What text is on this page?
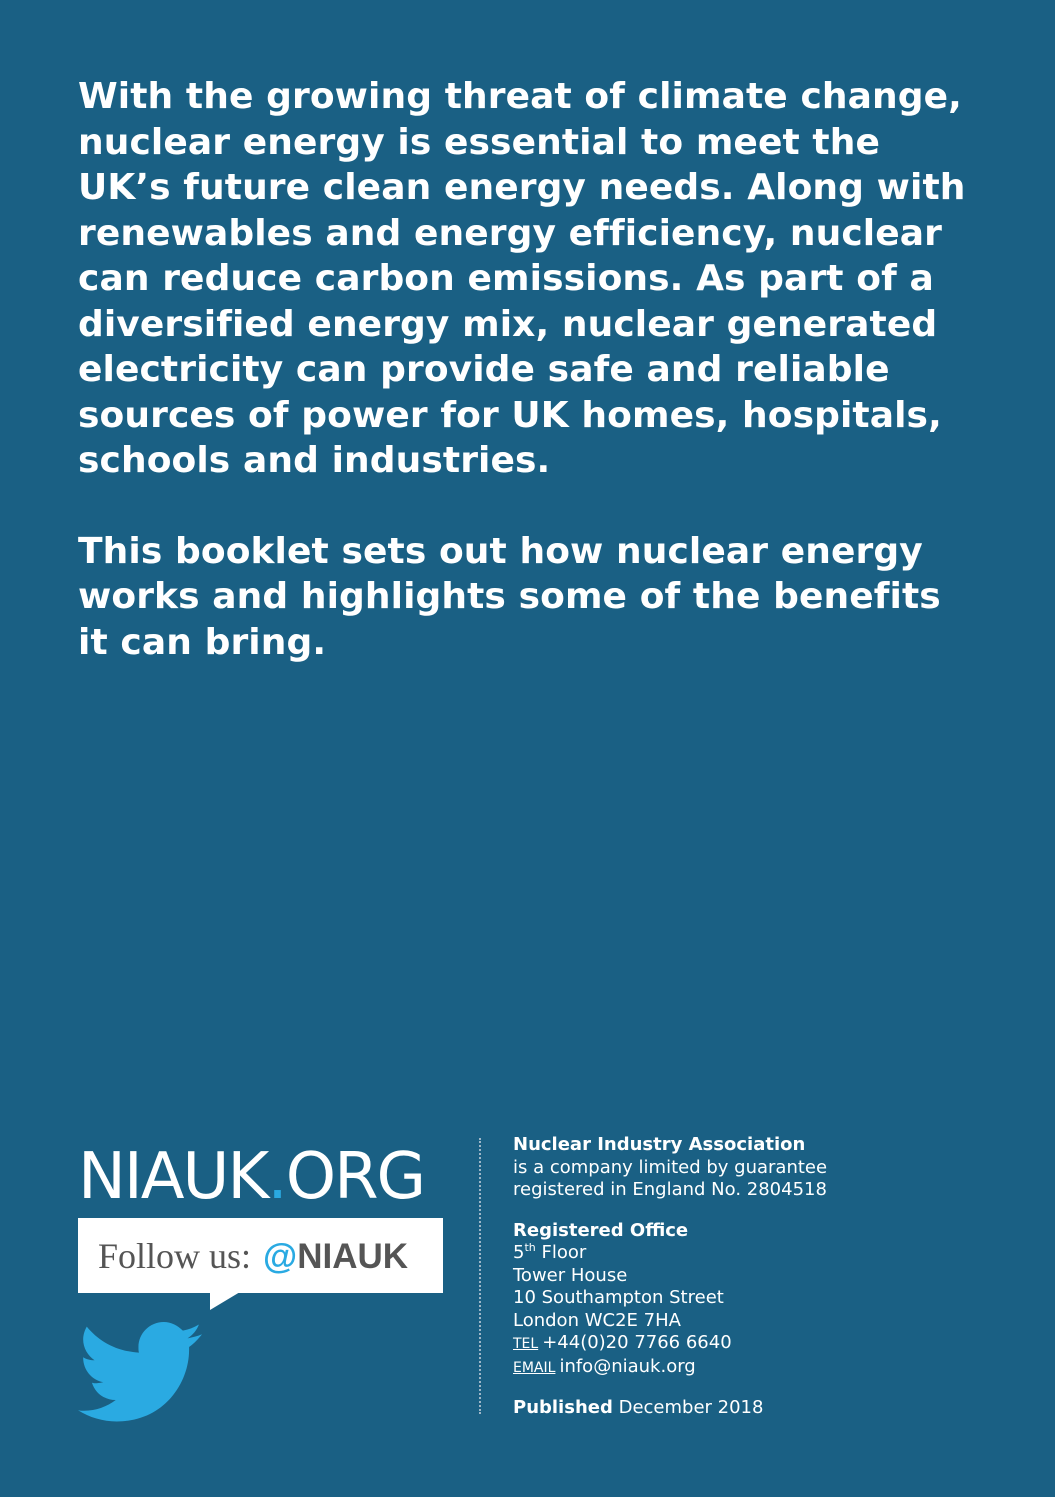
With the growing threat of climate change, nuclear energy is essential to meet the UK’s future clean energy needs. Along with renewables and energy efficiency, nuclear can reduce carbon emissions. As part of a diversified energy mix, nuclear generated electricity can provide safe and reliable sources of power for UK homes, hospitals, schools and industries.

This booklet sets out how nuclear energy works and highlights some of the benefits it can bring.

NIAUK.ORG
Follow us: @NIAUK
Nuclear Industry Association
is a company limited by guarantee
registered in England No. 2804518
Registered Office
5th Floor
Tower House
10 Southampton Street
London WC2E 7HA
TEL +44(0)20 7766 6640
EMAIL info@niauk.org
Published December 2018
